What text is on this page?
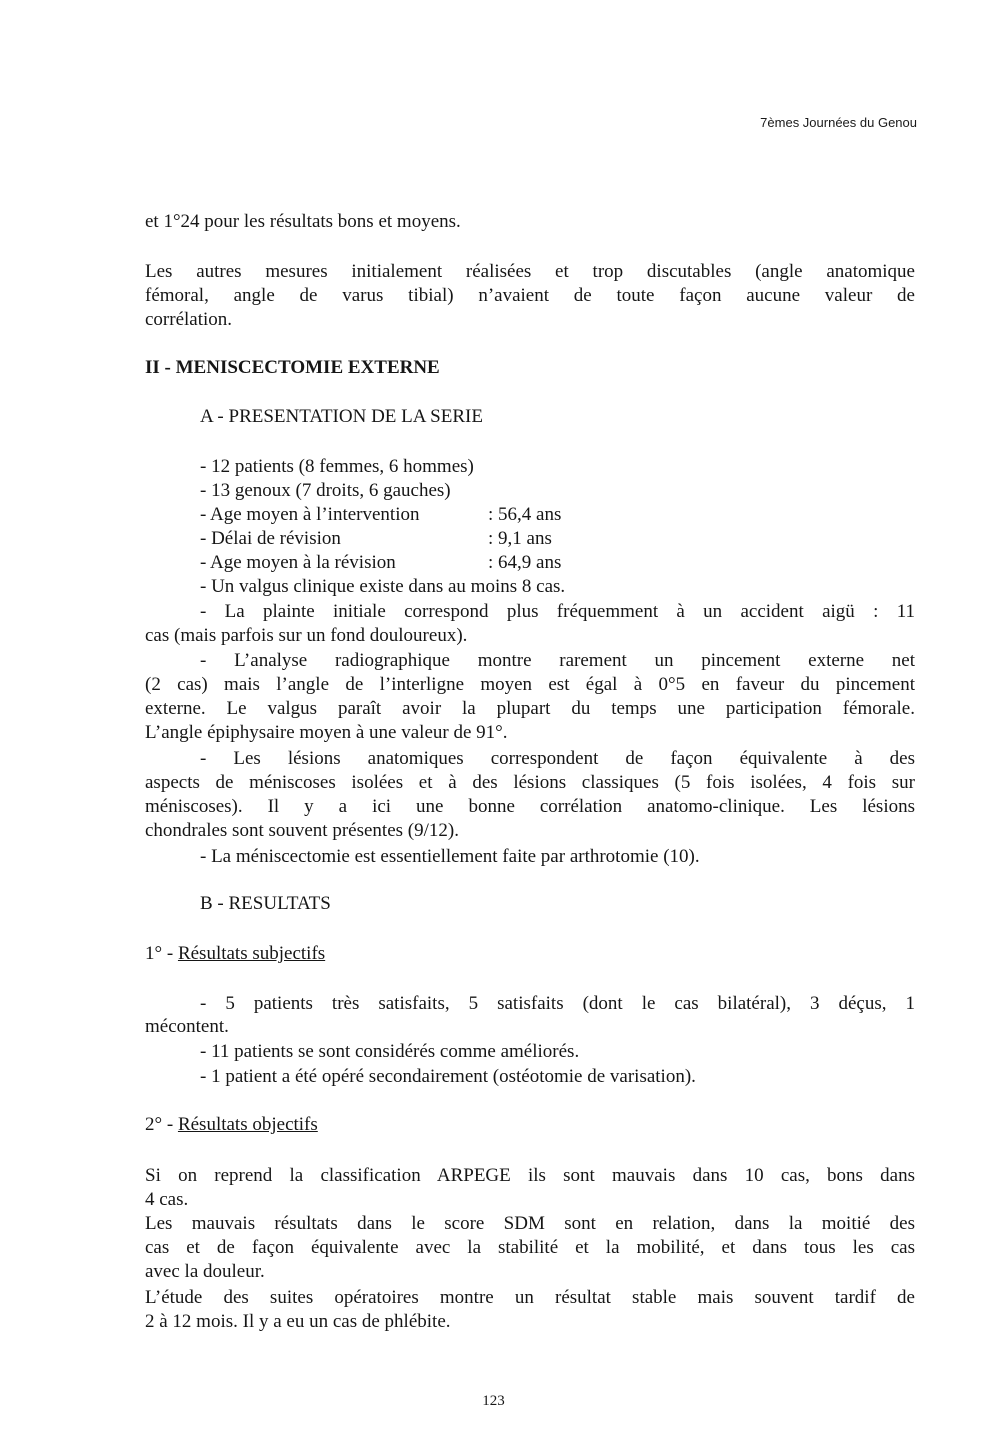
7èmes Journées du Genou
et 1°24 pour les résultats bons et moyens.
Les autres mesures initialement réalisées et trop discutables (angle anatomique
fémoral, angle de varus tibial) n’avaient de toute façon aucune valeur de
corrélation.
II - MENISCECTOMIE EXTERNE
A - PRESENTATION DE LA SERIE
- 12 patients (8 femmes, 6 hommes)
- 13 genoux (7 droits, 6 gauches)
- Age moyen à l’intervention	: 56,4 ans
- Délai de révision	: 9,1 ans
- Age moyen à la révision	: 64,9 ans
- Un valgus clinique existe dans au moins 8 cas.
- La plainte initiale correspond plus fréquemment à un accident aigü : 11
cas (mais parfois sur un fond douloureux).
- L’analyse radiographique montre rarement un pincement externe net
(2 cas) mais l’angle de l’interligne moyen est égal à 0°5 en faveur du pincement
externe. Le valgus paraît avoir la plupart du temps une participation fémorale.
L’angle épiphysaire moyen à une valeur de 91°.
- Les lésions anatomiques correspondent de façon équivalente à des
aspects de méniscoses isolées et à des lésions classiques (5 fois isolées, 4 fois sur
méniscoses). Il y a ici une bonne corrélation anatomo-clinique. Les lésions
chondrales sont souvent présentes (9/12).
- La méniscectomie est essentiellement faite par arthrotomie (10).
B - RESULTATS
1° - Résultats subjectifs
- 5 patients très satisfaits, 5 satisfaits (dont le cas bilatéral), 3 déçus, 1
mécontent.
- 11 patients se sont considérés comme améliorés.
- 1 patient a été opéré secondairement (ostéotomie de varisation).
2° - Résultats objectifs
Si on reprend la classification ARPEGE ils sont mauvais dans 10 cas, bons dans
4 cas.
Les mauvais résultats dans le score SDM sont en relation, dans la moitié des
cas et de façon équivalente avec la stabilité et la mobilité, et dans tous les cas
avec la douleur.
L’étude des suites opératoires montre un résultat stable mais souvent tardif de
2 à 12 mois. Il y a eu un cas de phlébite.
123
